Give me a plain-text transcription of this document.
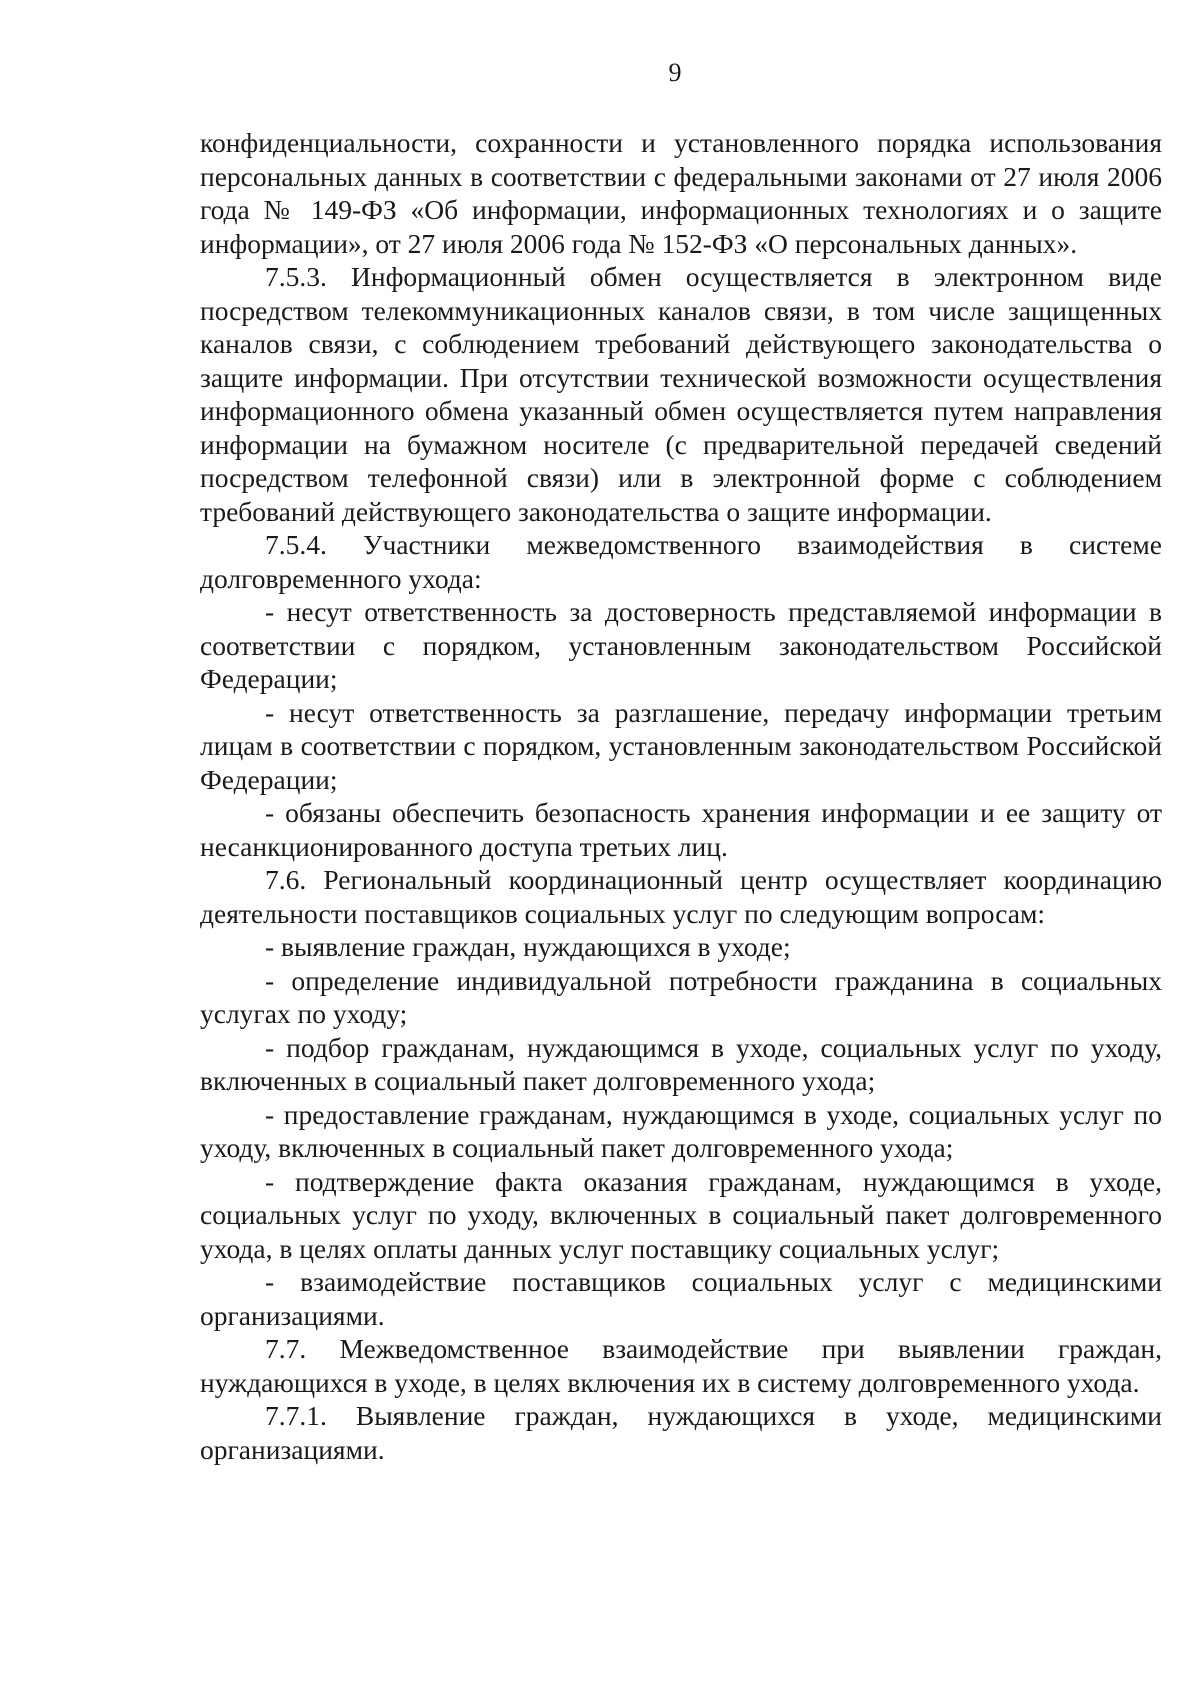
9

конфиденциальности, сохранности и установленного порядка использования персональных данных в соответствии с федеральными законами от 27 июля 2006 года № 149-ФЗ «Об информации, информационных технологиях и о защите информации», от 27 июля 2006 года № 152-ФЗ «О персональных данных».

7.5.3. Информационный обмен осуществляется в электронном виде посредством телекоммуникационных каналов связи, в том числе защищенных каналов связи, с соблюдением требований действующего законодательства о защите информации. При отсутствии технической возможности осуществления информационного обмена указанный обмен осуществляется путем направления информации на бумажном носителе (с предварительной передачей сведений посредством телефонной связи) или в электронной форме с соблюдением требований действующего законодательства о защите информации.

7.5.4. Участники межведомственного взаимодействия в системе долговременного ухода:

- несут ответственность за достоверность представляемой информации в соответствии с порядком, установленным законодательством Российской Федерации;

- несут ответственность за разглашение, передачу информации третьим лицам в соответствии с порядком, установленным законодательством Российской Федерации;

- обязаны обеспечить безопасность хранения информации и ее защиту от несанкционированного доступа третьих лиц.

7.6. Региональный координационный центр осуществляет координацию деятельности поставщиков социальных услуг по следующим вопросам:

- выявление граждан, нуждающихся в уходе;

- определение индивидуальной потребности гражданина в социальных услугах по уходу;

- подбор гражданам, нуждающимся в уходе, социальных услуг по уходу, включенных в социальный пакет долговременного ухода;

- предоставление гражданам, нуждающимся в уходе, социальных услуг по уходу, включенных в социальный пакет долговременного ухода;

- подтверждение факта оказания гражданам, нуждающимся в уходе, социальных услуг по уходу, включенных в социальный пакет долговременного ухода, в целях оплаты данных услуг поставщику социальных услуг;

- взаимодействие поставщиков социальных услуг с медицинскими организациями.

7.7. Межведомственное взаимодействие при выявлении граждан, нуждающихся в уходе, в целях включения их в систему долговременного ухода.

7.7.1. Выявление граждан, нуждающихся в уходе, медицинскими организациями.
